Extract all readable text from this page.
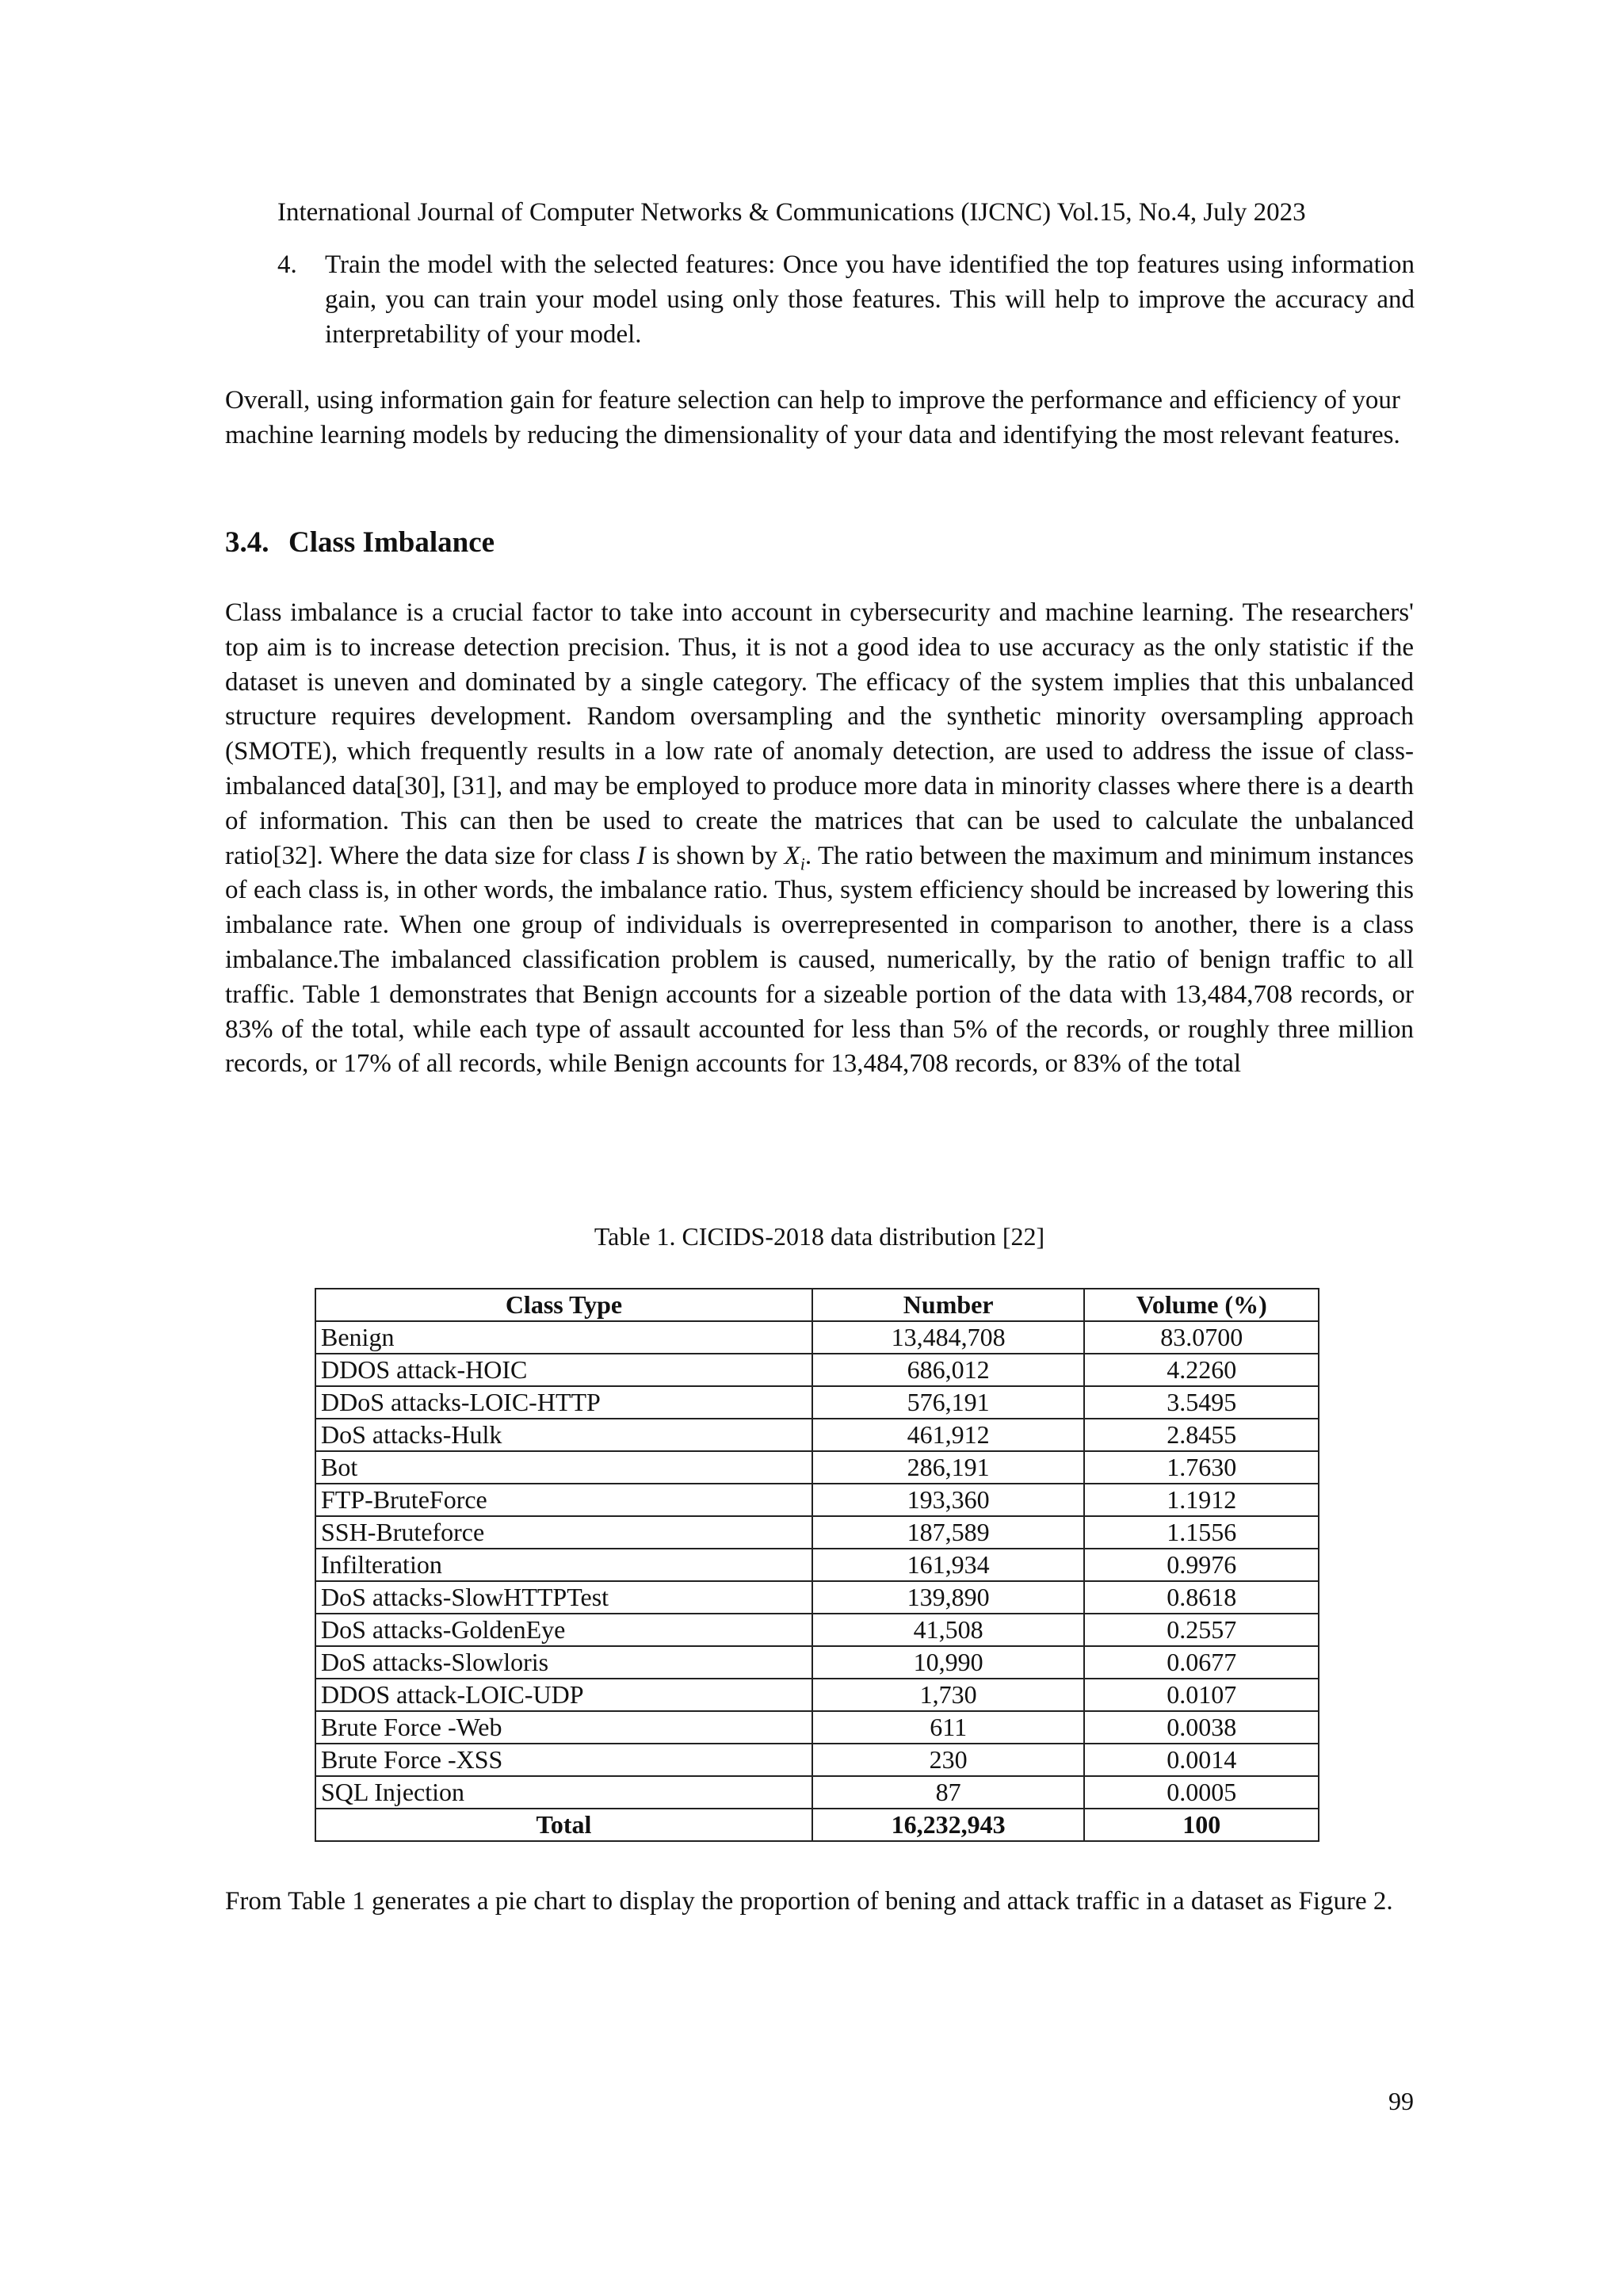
International Journal of Computer Networks & Communications (IJCNC) Vol.15, No.4, July 2023
4. Train the model with the selected features: Once you have identified the top features using information gain, you can train your model using only those features. This will help to improve the accuracy and interpretability of your model.
Overall, using information gain for feature selection can help to improve the performance and efficiency of your machine learning models by reducing the dimensionality of your data and identifying the most relevant features.
3.4. Class Imbalance
Class imbalance is a crucial factor to take into account in cybersecurity and machine learning. The researchers' top aim is to increase detection precision. Thus, it is not a good idea to use accuracy as the only statistic if the dataset is uneven and dominated by a single category. The efficacy of the system implies that this unbalanced structure requires development. Random oversampling and the synthetic minority oversampling approach (SMOTE), which frequently results in a low rate of anomaly detection, are used to address the issue of class-imbalanced data[30], [31], and may be employed to produce more data in minority classes where there is a dearth of information. This can then be used to create the matrices that can be used to calculate the unbalanced ratio[32]. Where the data size for class I is shown by $X_i$. The ratio between the maximum and minimum instances of each class is, in other words, the imbalance ratio. Thus, system efficiency should be increased by lowering this imbalance rate. When one group of individuals is overrepresented in comparison to another, there is a class imbalance.The imbalanced classification problem is caused, numerically, by the ratio of benign traffic to all traffic. Table 1 demonstrates that Benign accounts for a sizeable portion of the data with 13,484,708 records, or 83% of the total, while each type of assault accounted for less than 5% of the records, or roughly three million records, or 17% of all records, while Benign accounts for 13,484,708 records, or 83% of the total
Table 1. CICIDS-2018 data distribution [22]
Class Type	Number	Volume (%)
Benign	13,484,708	83.0700
DDOS attack-HOIC	686,012	4.2260
DDoS attacks-LOIC-HTTP	576,191	3.5495
DoS attacks-Hulk	461,912	2.8455
Bot	286,191	1.7630
FTP-BruteForce	193,360	1.1912
SSH-Bruteforce	187,589	1.1556
Infilteration	161,934	0.9976
DoS attacks-SlowHTTPTest	139,890	0.8618
DoS attacks-GoldenEye	41,508	0.2557
DoS attacks-Slowloris	10,990	0.0677
DDOS attack-LOIC-UDP	1,730	0.0107
Brute Force -Web	611	0.0038
Brute Force -XSS	230	0.0014
SQL Injection	87	0.0005
Total	16,232,943	100
From Table 1 generates a pie chart to display the proportion of bening and attack traffic in a dataset as Figure 2.
99
